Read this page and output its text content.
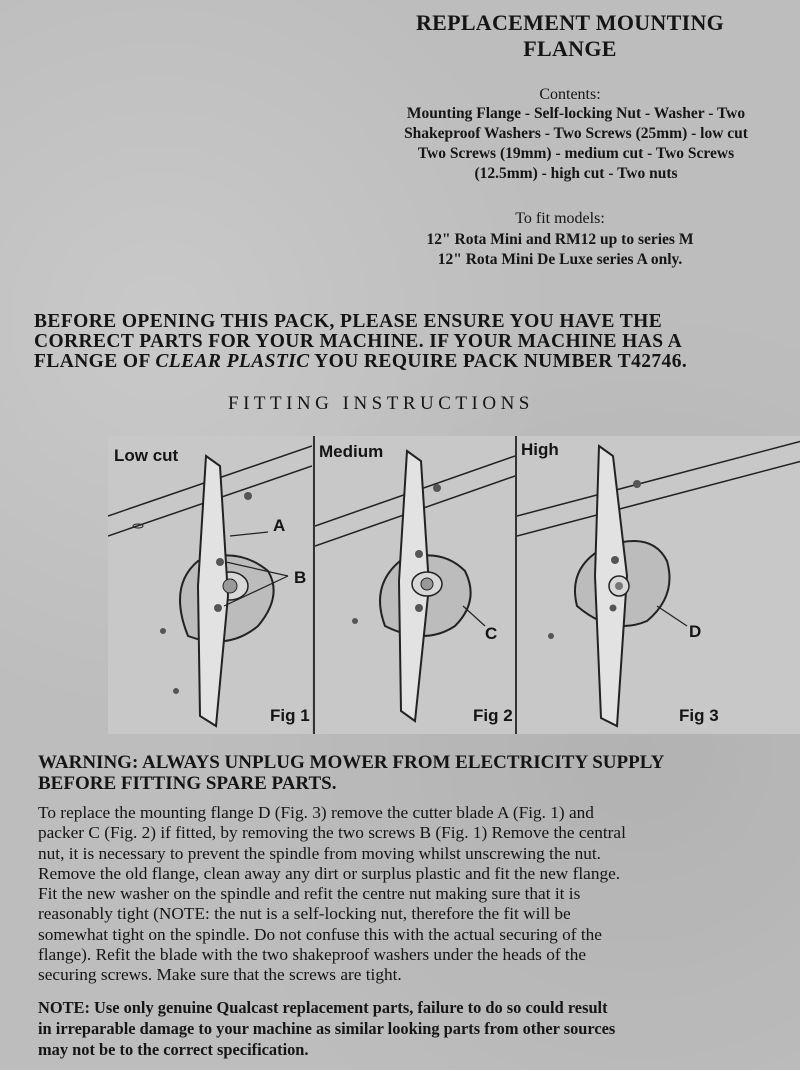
REPLACEMENT MOUNTING
FLANGE
Contents:
Mounting Flange - Self-locking Nut - Washer - Two
Shakeproof Washers - Two Screws (25mm) - low cut
Two Screws (19mm) - medium cut - Two Screws
(12.5mm) - high cut - Two nuts
To fit models:
12" Rota Mini and RM12 up to series M
12" Rota Mini De Luxe series A only.
BEFORE OPENING THIS PACK, PLEASE ENSURE YOU HAVE THE
CORRECT PARTS FOR YOUR MACHINE. IF YOUR MACHINE HAS A
FLANGE OF CLEAR PLASTIC YOU REQUIRE PACK NUMBER T42746.
FITTING INSTRUCTIONS
A
B
Low cut
Fig 1
C
Medium
Fig 2
D
High
Fig 3
WARNING: ALWAYS UNPLUG MOWER FROM ELECTRICITY SUPPLY
BEFORE FITTING SPARE PARTS.
To replace the mounting flange D (Fig. 3) remove the cutter blade A (Fig. 1) and
packer C (Fig. 2) if fitted, by removing the two screws B (Fig. 1) Remove the central
nut, it is necessary to prevent the spindle from moving whilst unscrewing the nut.
Remove the old flange, clean away any dirt or surplus plastic and fit the new flange.
Fit the new washer on the spindle and refit the centre nut making sure that it is
reasonably tight (NOTE: the nut is a self-locking nut, therefore the fit will be
somewhat tight on the spindle. Do not confuse this with the actual securing of the
flange). Refit the blade with the two shakeproof washers under the heads of the
securing screws. Make sure that the screws are tight.
NOTE: Use only genuine Qualcast replacement parts, failure to do so could result
in irreparable damage to your machine as similar looking parts from other sources
may not be to the correct specification.
